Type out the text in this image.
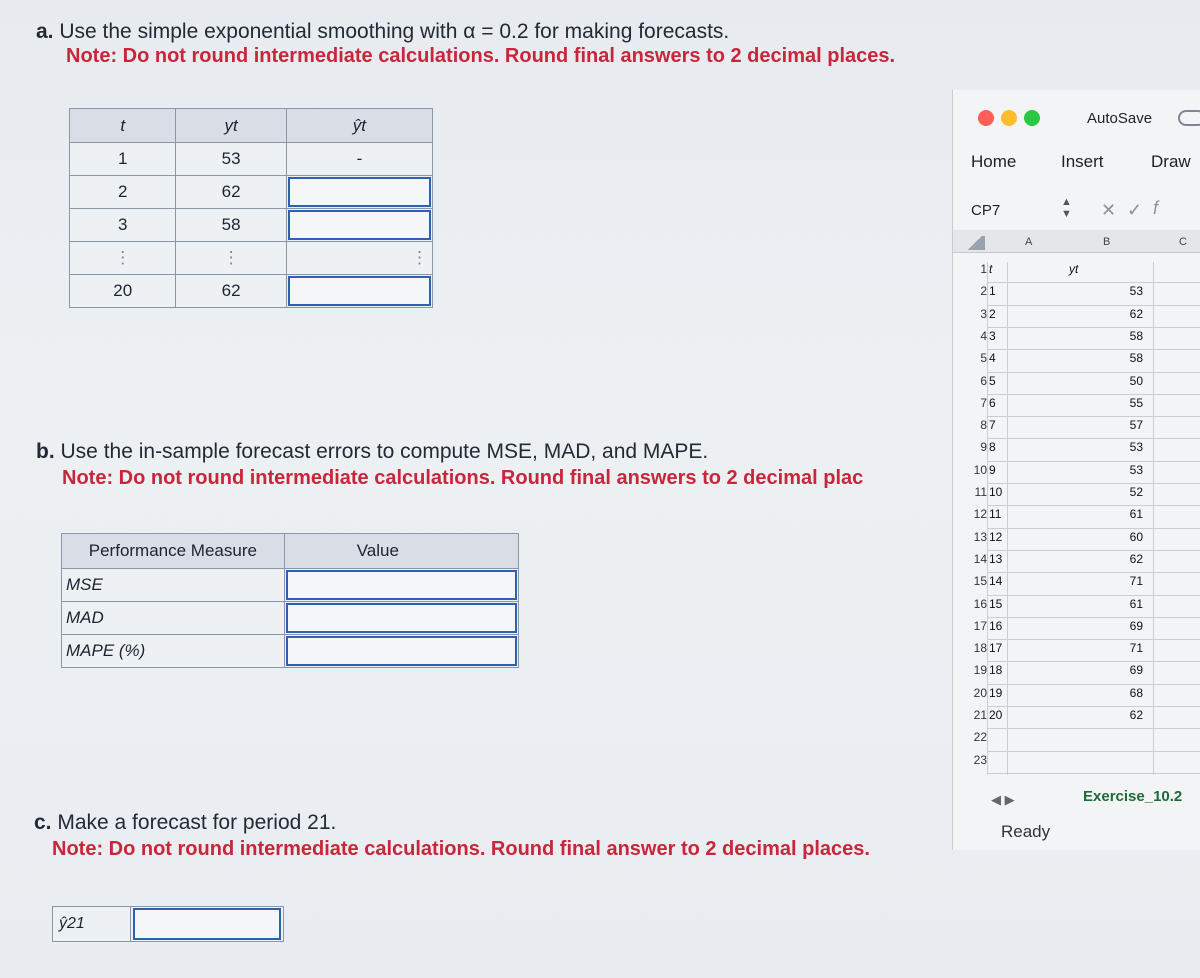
a. Use the simple exponential smoothing with α = 0.2 for making forecasts.
Note: Do not round intermediate calculations. Round final answers to 2 decimal places.
t	yt	ŷt
1	53	-
2	62	

3	58	

⋮	⋮	⋮
20	62	
b. Use the in-sample forecast errors to compute MSE, MAD, and MAPE.
Note: Do not round intermediate calculations. Round final answers to 2 decimal plac
Performance Measure	Value
MSE	

MAD	

MAPE (%)	
c. Make a forecast for period 21.
Note: Do not round intermediate calculations. Round final answer to 2 decimal places.
ŷ21
AutoSave
Home	Insert	Draw
CP7	▲
▼ ✕ ✓ f
A	B	C
1 t	yt
2 1	53
3 2	62
4 3	58
5 4	58
6 5	50
7 6	55
8 7	57
9 8	53
10 9	53
11 10	52
12 11	61
13 12	60
14 13	62
15 14	71
16 15	61
17 16	69
18 17	71
19 18	69
20 19	68
21 20	62
22
23
◀ ▶	Exercise_10.2
Ready
